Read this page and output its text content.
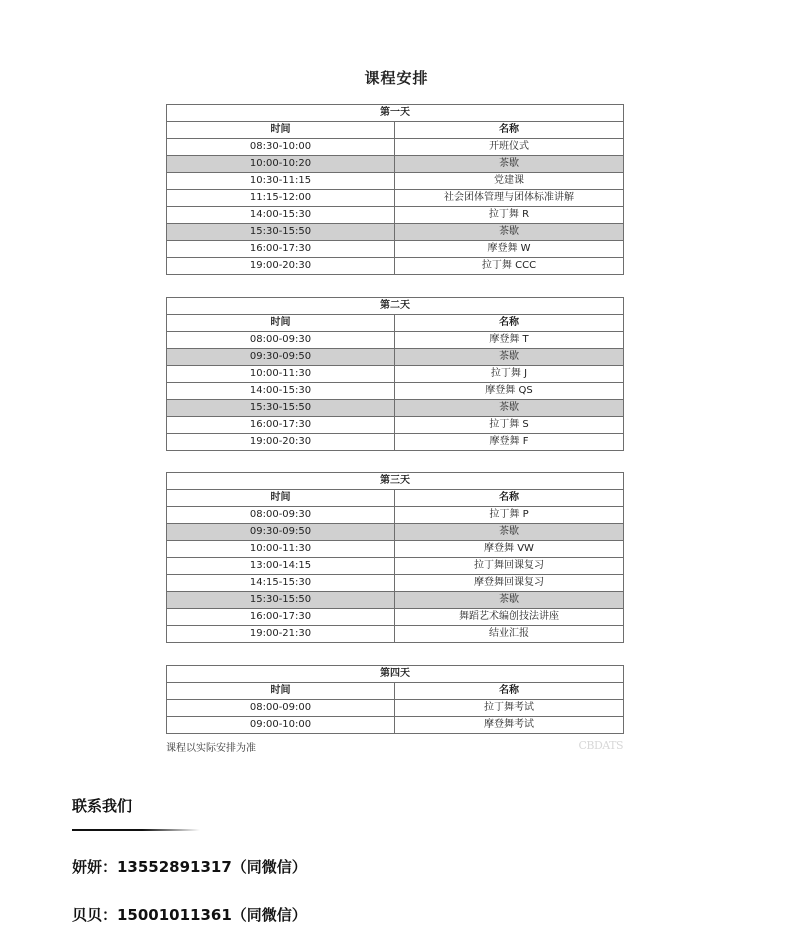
课程安排
第一天	
时间	名称
08:30-10:00	开班仪式
10:00-10:20	茶歇
10:30-11:15	党建课
11:15-12:00	社会团体管理与团体标准讲解
14:00-15:30	拉丁舞 R
15:30-15:50	茶歇
16:00-17:30	摩登舞 W
19:00-20:30	拉丁舞 CCC
第二天	
时间	名称
08:00-09:30	摩登舞 T
09:30-09:50	茶歇
10:00-11:30	拉丁舞 J
14:00-15:30	摩登舞 QS
15:30-15:50	茶歇
16:00-17:30	拉丁舞 S
19:00-20:30	摩登舞 F
第三天	
时间	名称
08:00-09:30	拉丁舞 P
09:30-09:50	茶歇
10:00-11:30	摩登舞 VW
13:00-14:15	拉丁舞回课复习
14:15-15:30	摩登舞回课复习
15:30-15:50	茶歇
16:00-17:30	舞蹈艺术编创技法讲座
19:00-21:30	结业汇报
第四天	
时间	名称
08:00-09:00	拉丁舞考试
09:00-10:00	摩登舞考试
课程以实际安排为准	CBDATS
联系我们
妍妍：13552891317（同微信）
贝贝：15001011361（同微信）
